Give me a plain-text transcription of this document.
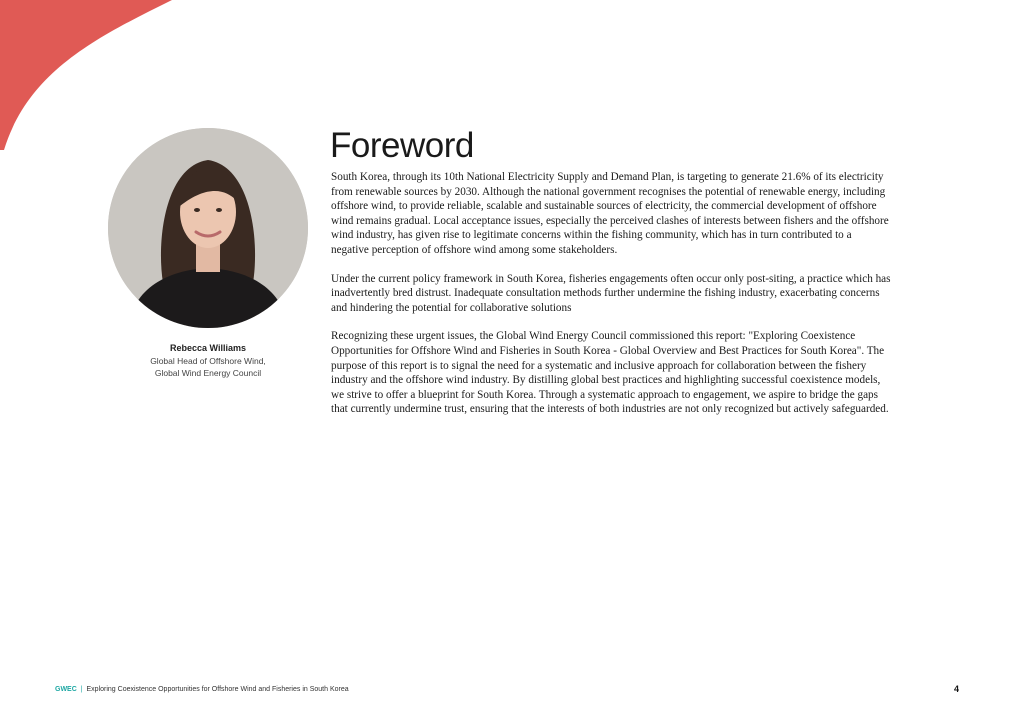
Rebecca Williams
Global Head of Offshore Wind,
Global Wind Energy Council
Foreword

South Korea, through its 10th National Electricity Supply and Demand Plan, is targeting to generate 21.6% of its electricity from renewable sources by 2030. Although the national government recognises the potential of renewable energy, including offshore wind, to provide reliable, scalable and sustainable sources of electricity, the commercial development of offshore wind remains gradual. Local acceptance issues, especially the perceived clashes of interests between fishers and the offshore wind industry, has given rise to legitimate concerns within the fishing community, which has in turn contributed to a negative perception of offshore wind among some stakeholders.

Under the current policy framework in South Korea, fisheries engagements often occur only post-siting, a practice which has inadvertently bred distrust. Inadequate consultation methods further undermine the fishing industry, exacerbating concerns and hindering the potential for collaborative solutions

Recognizing these urgent issues, the Global Wind Energy Council commissioned this report: "Exploring Coexistence Opportunities for Offshore Wind and Fisheries in South Korea - Global Overview and Best Practices for South Korea". The purpose of this report is to signal the need for a systematic and inclusive approach for collaboration between the fishery industry and the offshore wind industry. By distilling global best practices and highlighting successful coexistence models, we strive to offer a blueprint for South Korea. Through a systematic approach to engagement, we aspire to bridge the gaps that currently undermine trust, ensuring that the interests of both industries are not only recognized but actively safeguarded.

GWEC | Exploring Coexistence Opportunities for Offshore Wind and Fisheries in South Korea	4
